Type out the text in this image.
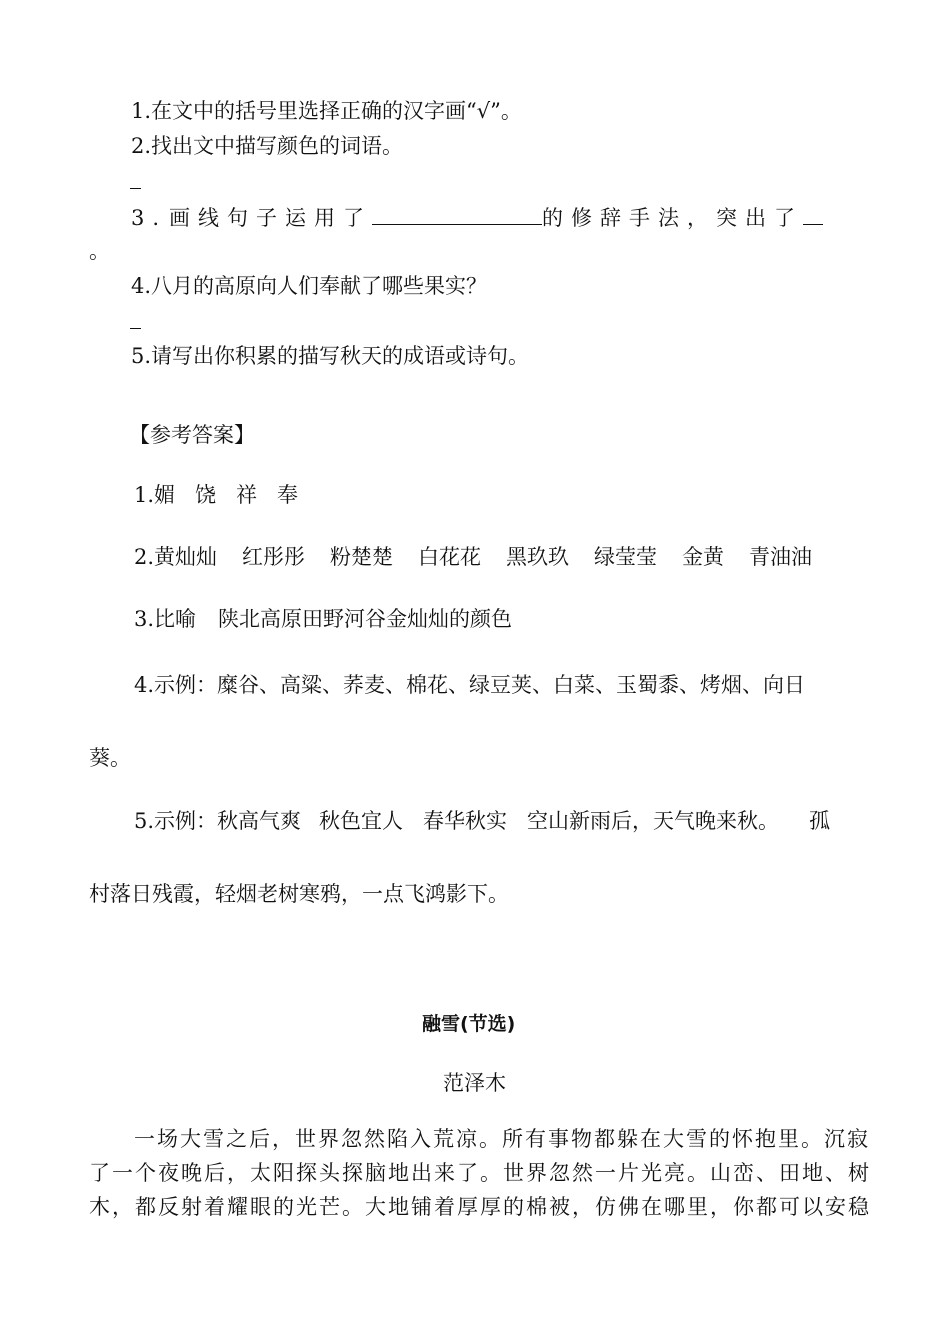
1.在文中的括号里选择正确的汉字画“√”。
2.找出文中描写颜色的词语。
3.画线句子运用了	的修辞手法，突出了
。
4.八月的高原向人们奉献了哪些果实？
5.请写出你积累的描写秋天的成语或诗句。
【参考答案】
1.媚 饶 祥 奉
2.黄灿灿 红彤彤 粉楚楚 白花花 黑玖玖 绿莹莹 金黄 青油油
3.比喻 陕北高原田野河谷金灿灿的颜色
4.示例：糜谷、高粱、荞麦、棉花、绿豆荚、白菜、玉蜀黍、烤烟、向日
葵。
5.示例：秋高气爽 秋色宜人 春华秋实 空山新雨后，天气晚来秋。 孤
村落日残霞，轻烟老树寒鸦，一点飞鸿影下。
融雪(节选)
范泽木
一场大雪之后，世界忽然陷入荒凉。所有事物都躲在大雪的怀抱里。沉寂
了一个夜晚后，太阳探头探脑地出来了。世界忽然一片光亮。山峦、田地、树
木，都反射着耀眼的光芒。大地铺着厚厚的棉被，仿佛在哪里，你都可以安稳
